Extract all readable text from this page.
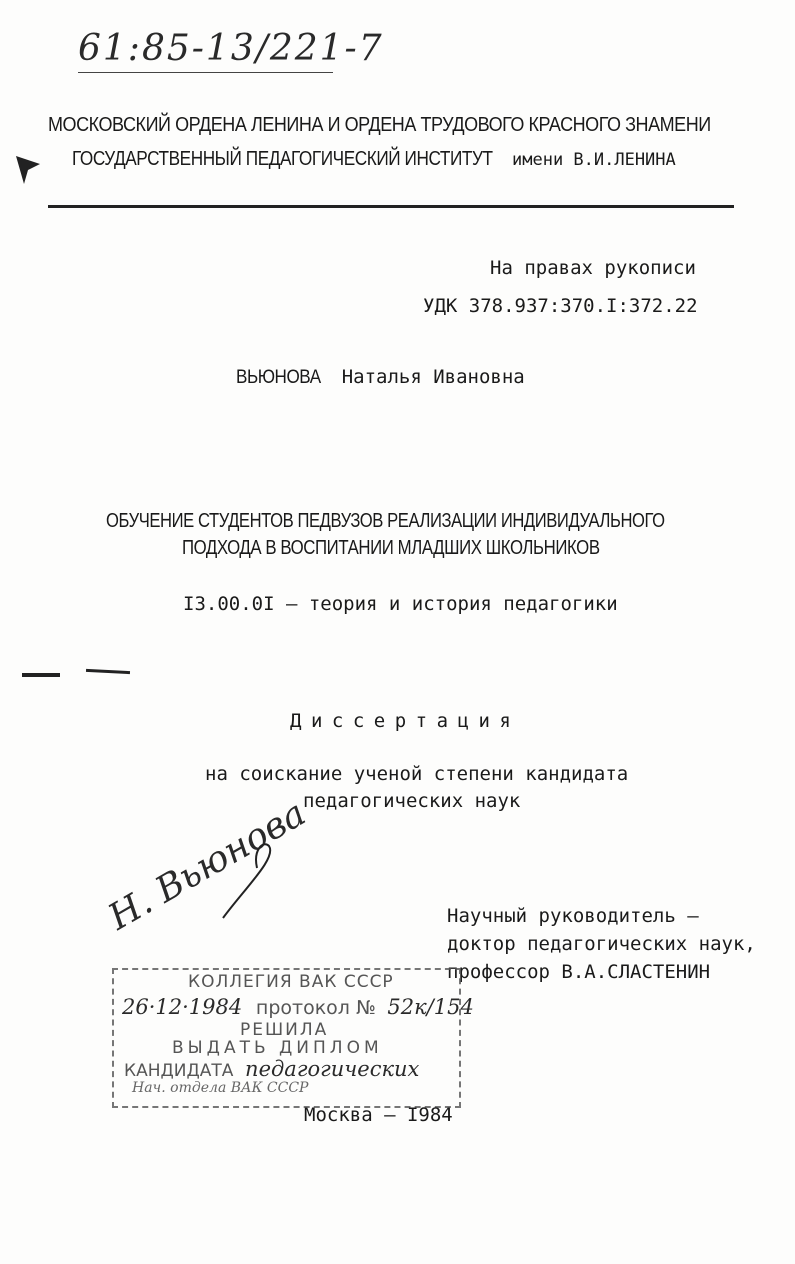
61:85-13/221-7
МОСКОВСКИЙ ОРДЕНА ЛЕНИНА И ОРДЕНА ТРУДОВОГО КРАСНОГО ЗНАМЕНИ
ГОСУДАРСТВЕННЫЙ ПЕДАГОГИЧЕСКИЙ ИНСТИТУТ	имени В.И.ЛЕНИНА
На правах рукописи
УДК 378.937:370.I:372.22
ВЬЮНОВА Наталья Ивановна
ОБУЧЕНИЕ СТУДЕНТОВ ПЕДВУЗОВ РЕАЛИЗАЦИИ ИНДИВИДУАЛЬНОГО
ПОДХОДА В ВОСПИТАНИИ МЛАДШИХ ШКОЛЬНИКОВ
I3.00.0I – теория и история педагогики
Диссертация
на соискание ученой степени кандидата
педагогических наук
Н. Вьюнова	Научный руководитель –
доктор педагогических наук,
профессор В.А.СЛАСТЕНИН
КОЛЛЕГИЯ ВАК СССР
26·12·1984 протокол № 52к/154
РЕШИЛА
ВЫДАТЬ ДИПЛОМ
КАНДИДАТА педагогических
Нач. отдела ВАК СССР
Москва – I984
